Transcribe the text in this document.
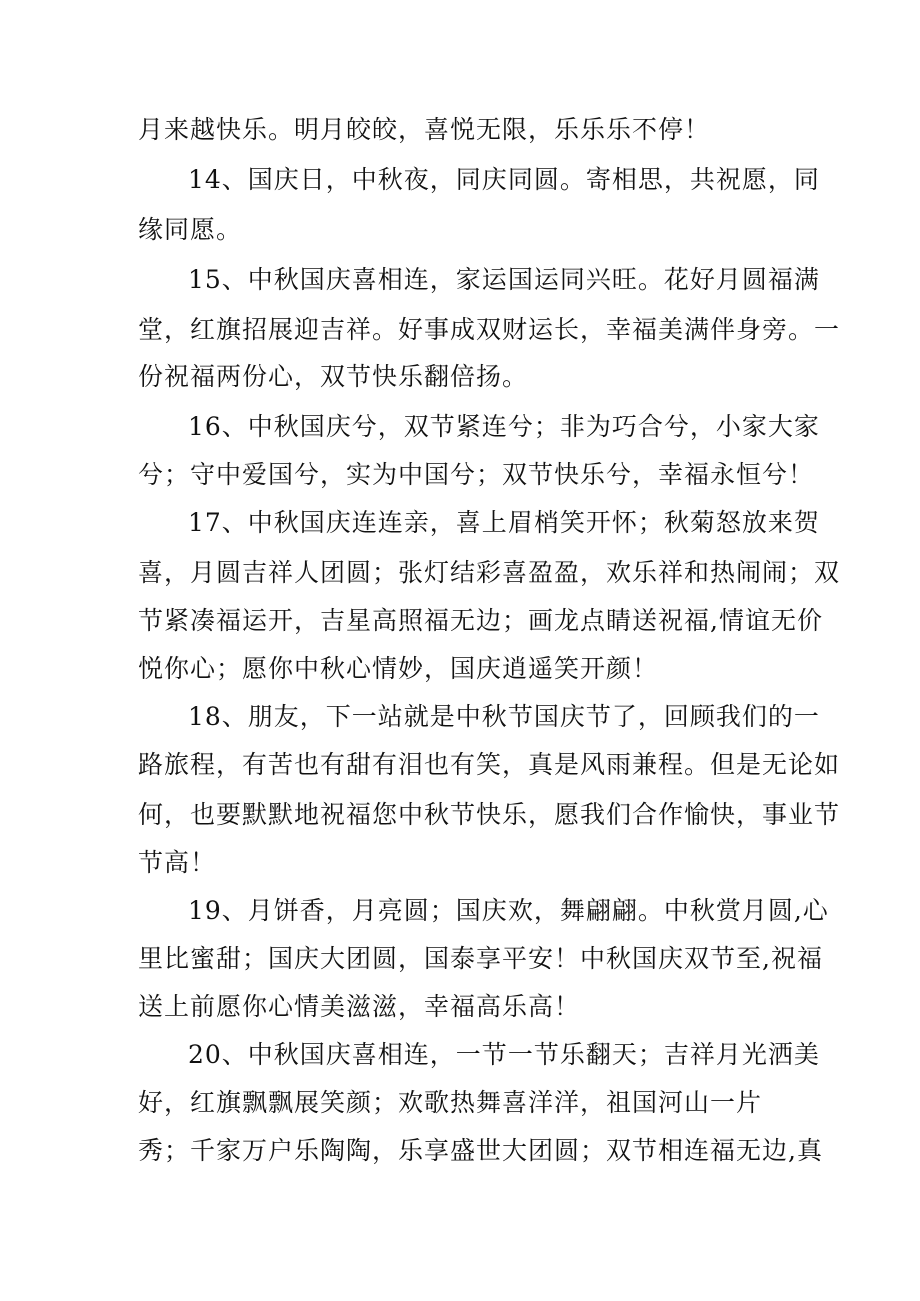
月来越快乐。明月皎皎，喜悦无限，乐乐乐不停！
14、国庆日，中秋夜，同庆同圆。寄相思，共祝愿，同
缘同愿。
15、中秋国庆喜相连，家运国运同兴旺。花好月圆福满
堂，红旗招展迎吉祥。好事成双财运长，幸福美满伴身旁。一
份祝福两份心，双节快乐翻倍扬。
16、中秋国庆兮，双节紧连兮；非为巧合兮，小家大家
兮；守中爱国兮，实为中国兮；双节快乐兮，幸福永恒兮！
17、中秋国庆连连亲，喜上眉梢笑开怀；秋菊怒放来贺
喜，月圆吉祥人团圆；张灯结彩喜盈盈，欢乐祥和热闹闹；双
节紧凑福运开，吉星高照福无边；画龙点睛送祝福,情谊无价
悦你心；愿你中秋心情妙，国庆逍遥笑开颜！
18、朋友，下一站就是中秋节国庆节了，回顾我们的一
路旅程，有苦也有甜有泪也有笑，真是风雨兼程。但是无论如
何，也要默默地祝福您中秋节快乐，愿我们合作愉快，事业节
节高！
19、月饼香，月亮圆；国庆欢，舞翩翩。中秋赏月圆,心
里比蜜甜；国庆大团圆，国泰享平安！中秋国庆双节至,祝福
送上前愿你心情美滋滋，幸福高乐高！
20、中秋国庆喜相连，一节一节乐翻天；吉祥月光洒美
好，红旗飘飘展笑颜；欢歌热舞喜洋洋，祖国河山一片
秀；千家万户乐陶陶，乐享盛世大团圆；双节相连福无边,真
